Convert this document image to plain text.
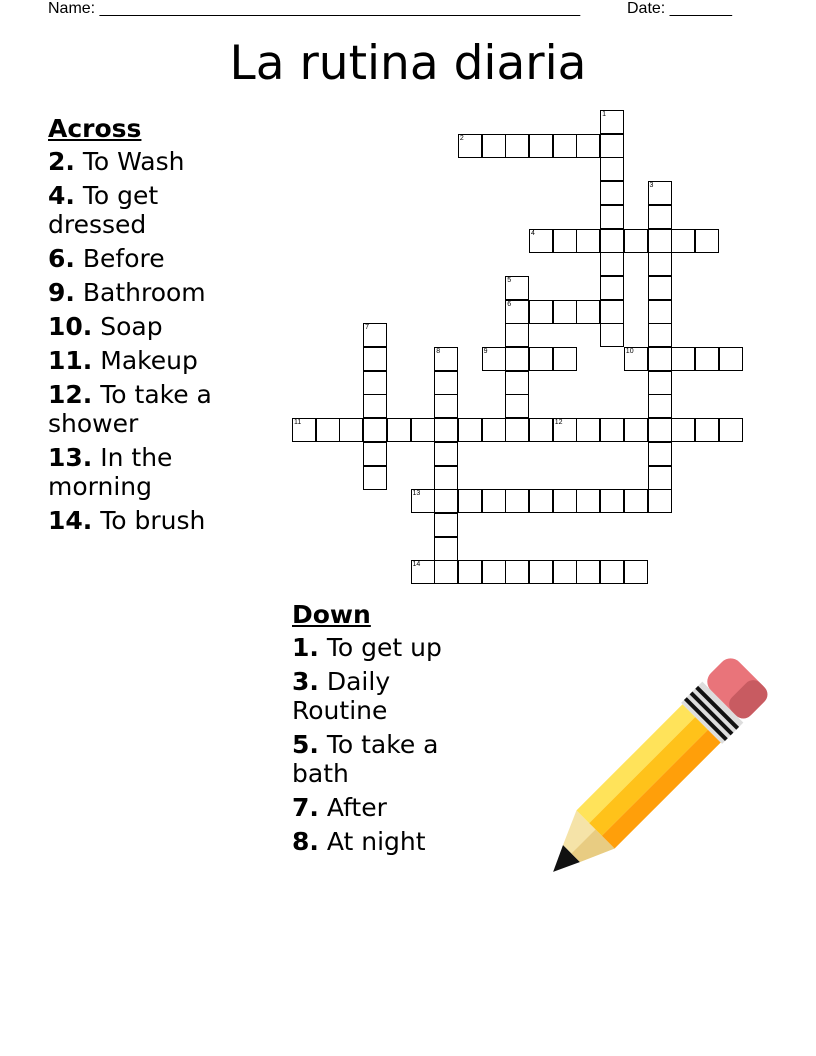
Name: ______________________________________________________	Date: _______
La rutina diaria
Across
2. To Wash
4. To get dressed
6. Before
9. Bathroom
10. Soap
11. Makeup
12. To take a shower
13. In the morning
14. To brush
Down
1. To get up
3. Daily Routine
5. To take a bath
7. After
8. At night
1
2
3
4
5
6
7
8	9	10
11	12
13
14
